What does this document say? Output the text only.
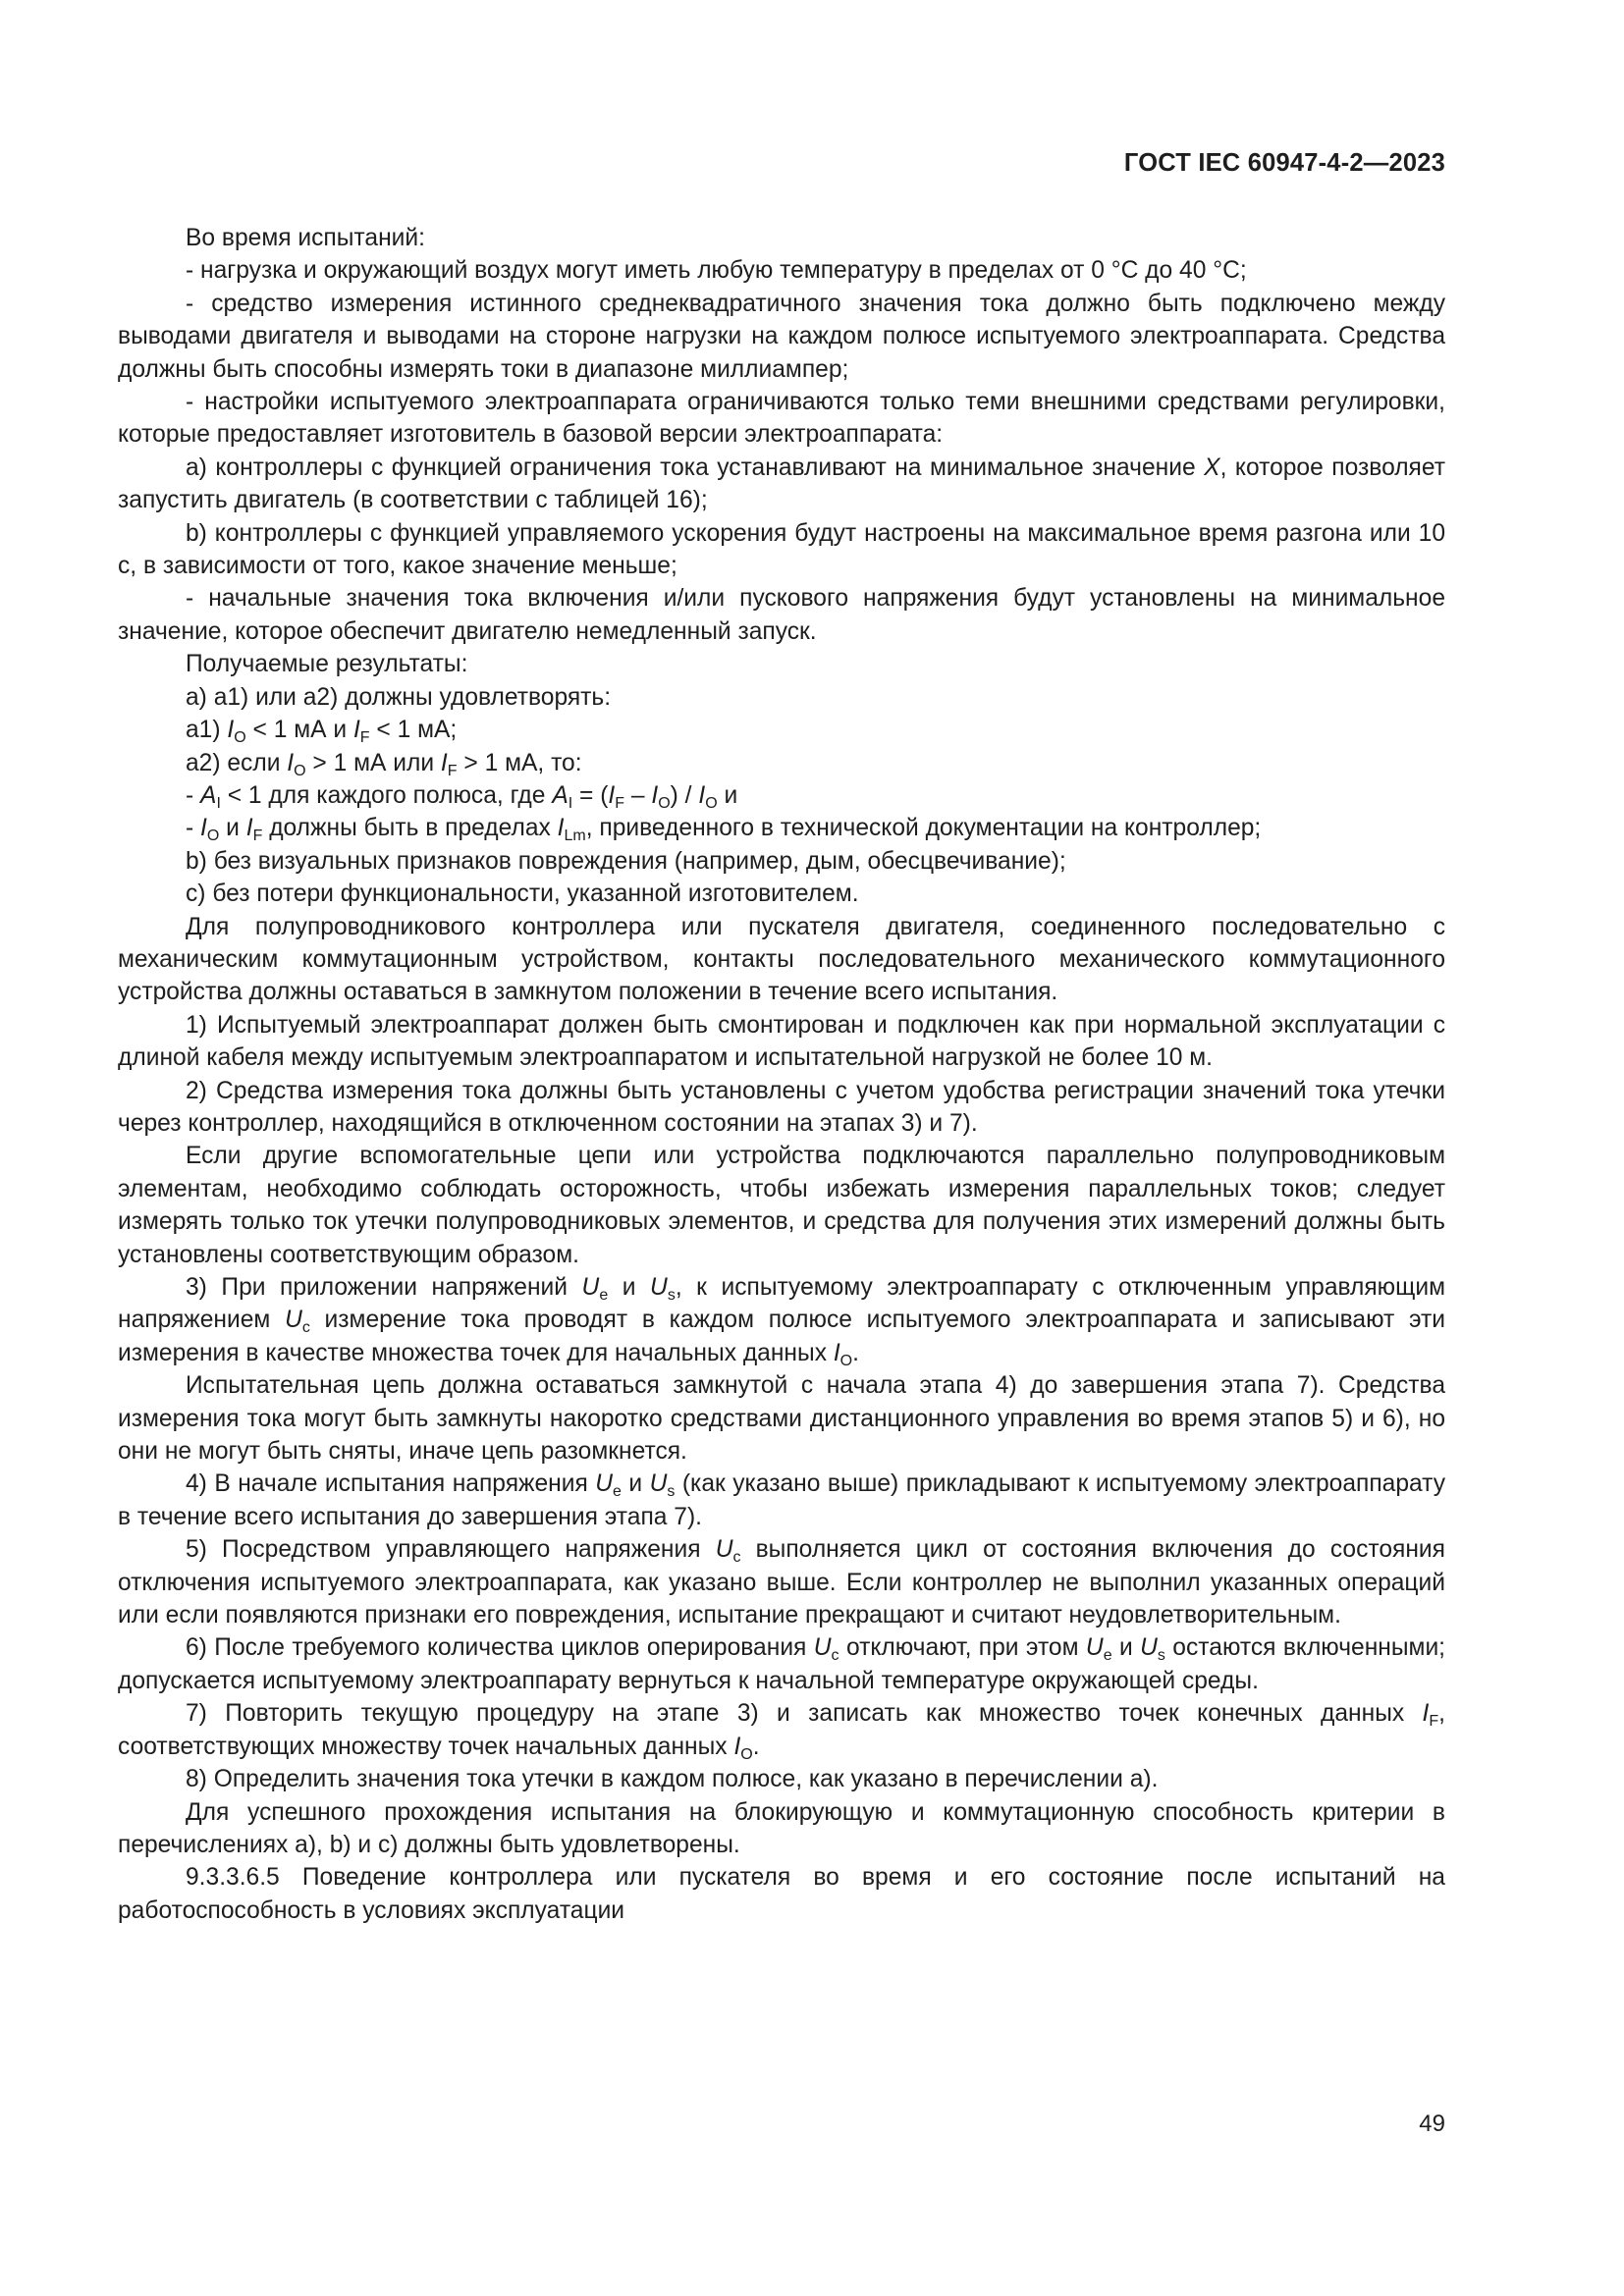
ГОСТ IEC 60947-4-2—2023

Во время испытаний:

- нагрузка и окружающий воздух могут иметь любую температуру в пределах от 0 °C до 40 °C;

- средство измерения истинного среднеквадратичного значения тока должно быть подключено между выводами двигателя и выводами на стороне нагрузки на каждом полюсе испытуемого электроаппарата. Средства должны быть способны измерять токи в диапазоне миллиампер;

- настройки испытуемого электроаппарата ограничиваются только теми внешними средствами регулировки, которые предоставляет изготовитель в базовой версии электроаппарата:

a) контроллеры с функцией ограничения тока устанавливают на минимальное значение X, которое позволяет запустить двигатель (в соответствии с таблицей 16);

b) контроллеры с функцией управляемого ускорения будут настроены на максимальное время разгона или 10 с, в зависимости от того, какое значение меньше;

- начальные значения тока включения и/или пускового напряжения будут установлены на минимальное значение, которое обеспечит двигателю немедленный запуск.

Получаемые результаты:

a) a1) или a2) должны удовлетворять:

a1) $I_O < 1$ мА и $I_F < 1$ мА;

a2) если $I_O > 1$ мА или $I_F > 1$ мА, то:

- $A_I < 1$ для каждого полюса, где $A_I = (I_F - I_O) / I_O$ и

- $I_O$ и $I_F$ должны быть в пределах $I_{Lm}$, приведенного в технической документации на контроллер;

b) без визуальных признаков повреждения (например, дым, обесцвечивание);

c) без потери функциональности, указанной изготовителем.

Для полупроводникового контроллера или пускателя двигателя, соединенного последовательно с механическим коммутационным устройством, контакты последовательного механического коммутационного устройства должны оставаться в замкнутом положении в течение всего испытания.

1) Испытуемый электроаппарат должен быть смонтирован и подключен как при нормальной эксплуатации с длиной кабеля между испытуемым электроаппаратом и испытательной нагрузкой не более 10 м.

2) Средства измерения тока должны быть установлены с учетом удобства регистрации значений тока утечки через контроллер, находящийся в отключенном состоянии на этапах 3) и 7).

Если другие вспомогательные цепи или устройства подключаются параллельно полупроводниковым элементам, необходимо соблюдать осторожность, чтобы избежать измерения параллельных токов; следует измерять только ток утечки полупроводниковых элементов, и средства для получения этих измерений должны быть установлены соответствующим образом.

3) При приложении напряжений $U_e$ и $U_s$, к испытуемому электроаппарату с отключенным управляющим напряжением $U_c$ измерение тока проводят в каждом полюсе испытуемого электроаппарата и записывают эти измерения в качестве множества точек для начальных данных $I_O$.

Испытательная цепь должна оставаться замкнутой с начала этапа 4) до завершения этапа 7). Средства измерения тока могут быть замкнуты накоротко средствами дистанционного управления во время этапов 5) и 6), но они не могут быть сняты, иначе цепь разомкнется.

4) В начале испытания напряжения $U_e$ и $U_s$ (как указано выше) прикладывают к испытуемому электроаппарату в течение всего испытания до завершения этапа 7).

5) Посредством управляющего напряжения $U_c$ выполняется цикл от состояния включения до состояния отключения испытуемого электроаппарата, как указано выше. Если контроллер не выполнил указанных операций или если появляются признаки его повреждения, испытание прекращают и считают неудовлетворительным.

6) После требуемого количества циклов оперирования $U_c$ отключают, при этом $U_e$ и $U_s$ остаются включенными; допускается испытуемому электроаппарату вернуться к начальной температуре окружающей среды.

7) Повторить текущую процедуру на этапе 3) и записать как множество точек конечных данных $I_F$, соответствующих множеству точек начальных данных $I_O$.

8) Определить значения тока утечки в каждом полюсе, как указано в перечислении a).

Для успешного прохождения испытания на блокирующую и коммутационную способность критерии в перечислениях a), b) и c) должны быть удовлетворены.

9.3.3.6.5 Поведение контроллера или пускателя во время и его состояние после испытаний на работоспособность в условиях эксплуатации

49
